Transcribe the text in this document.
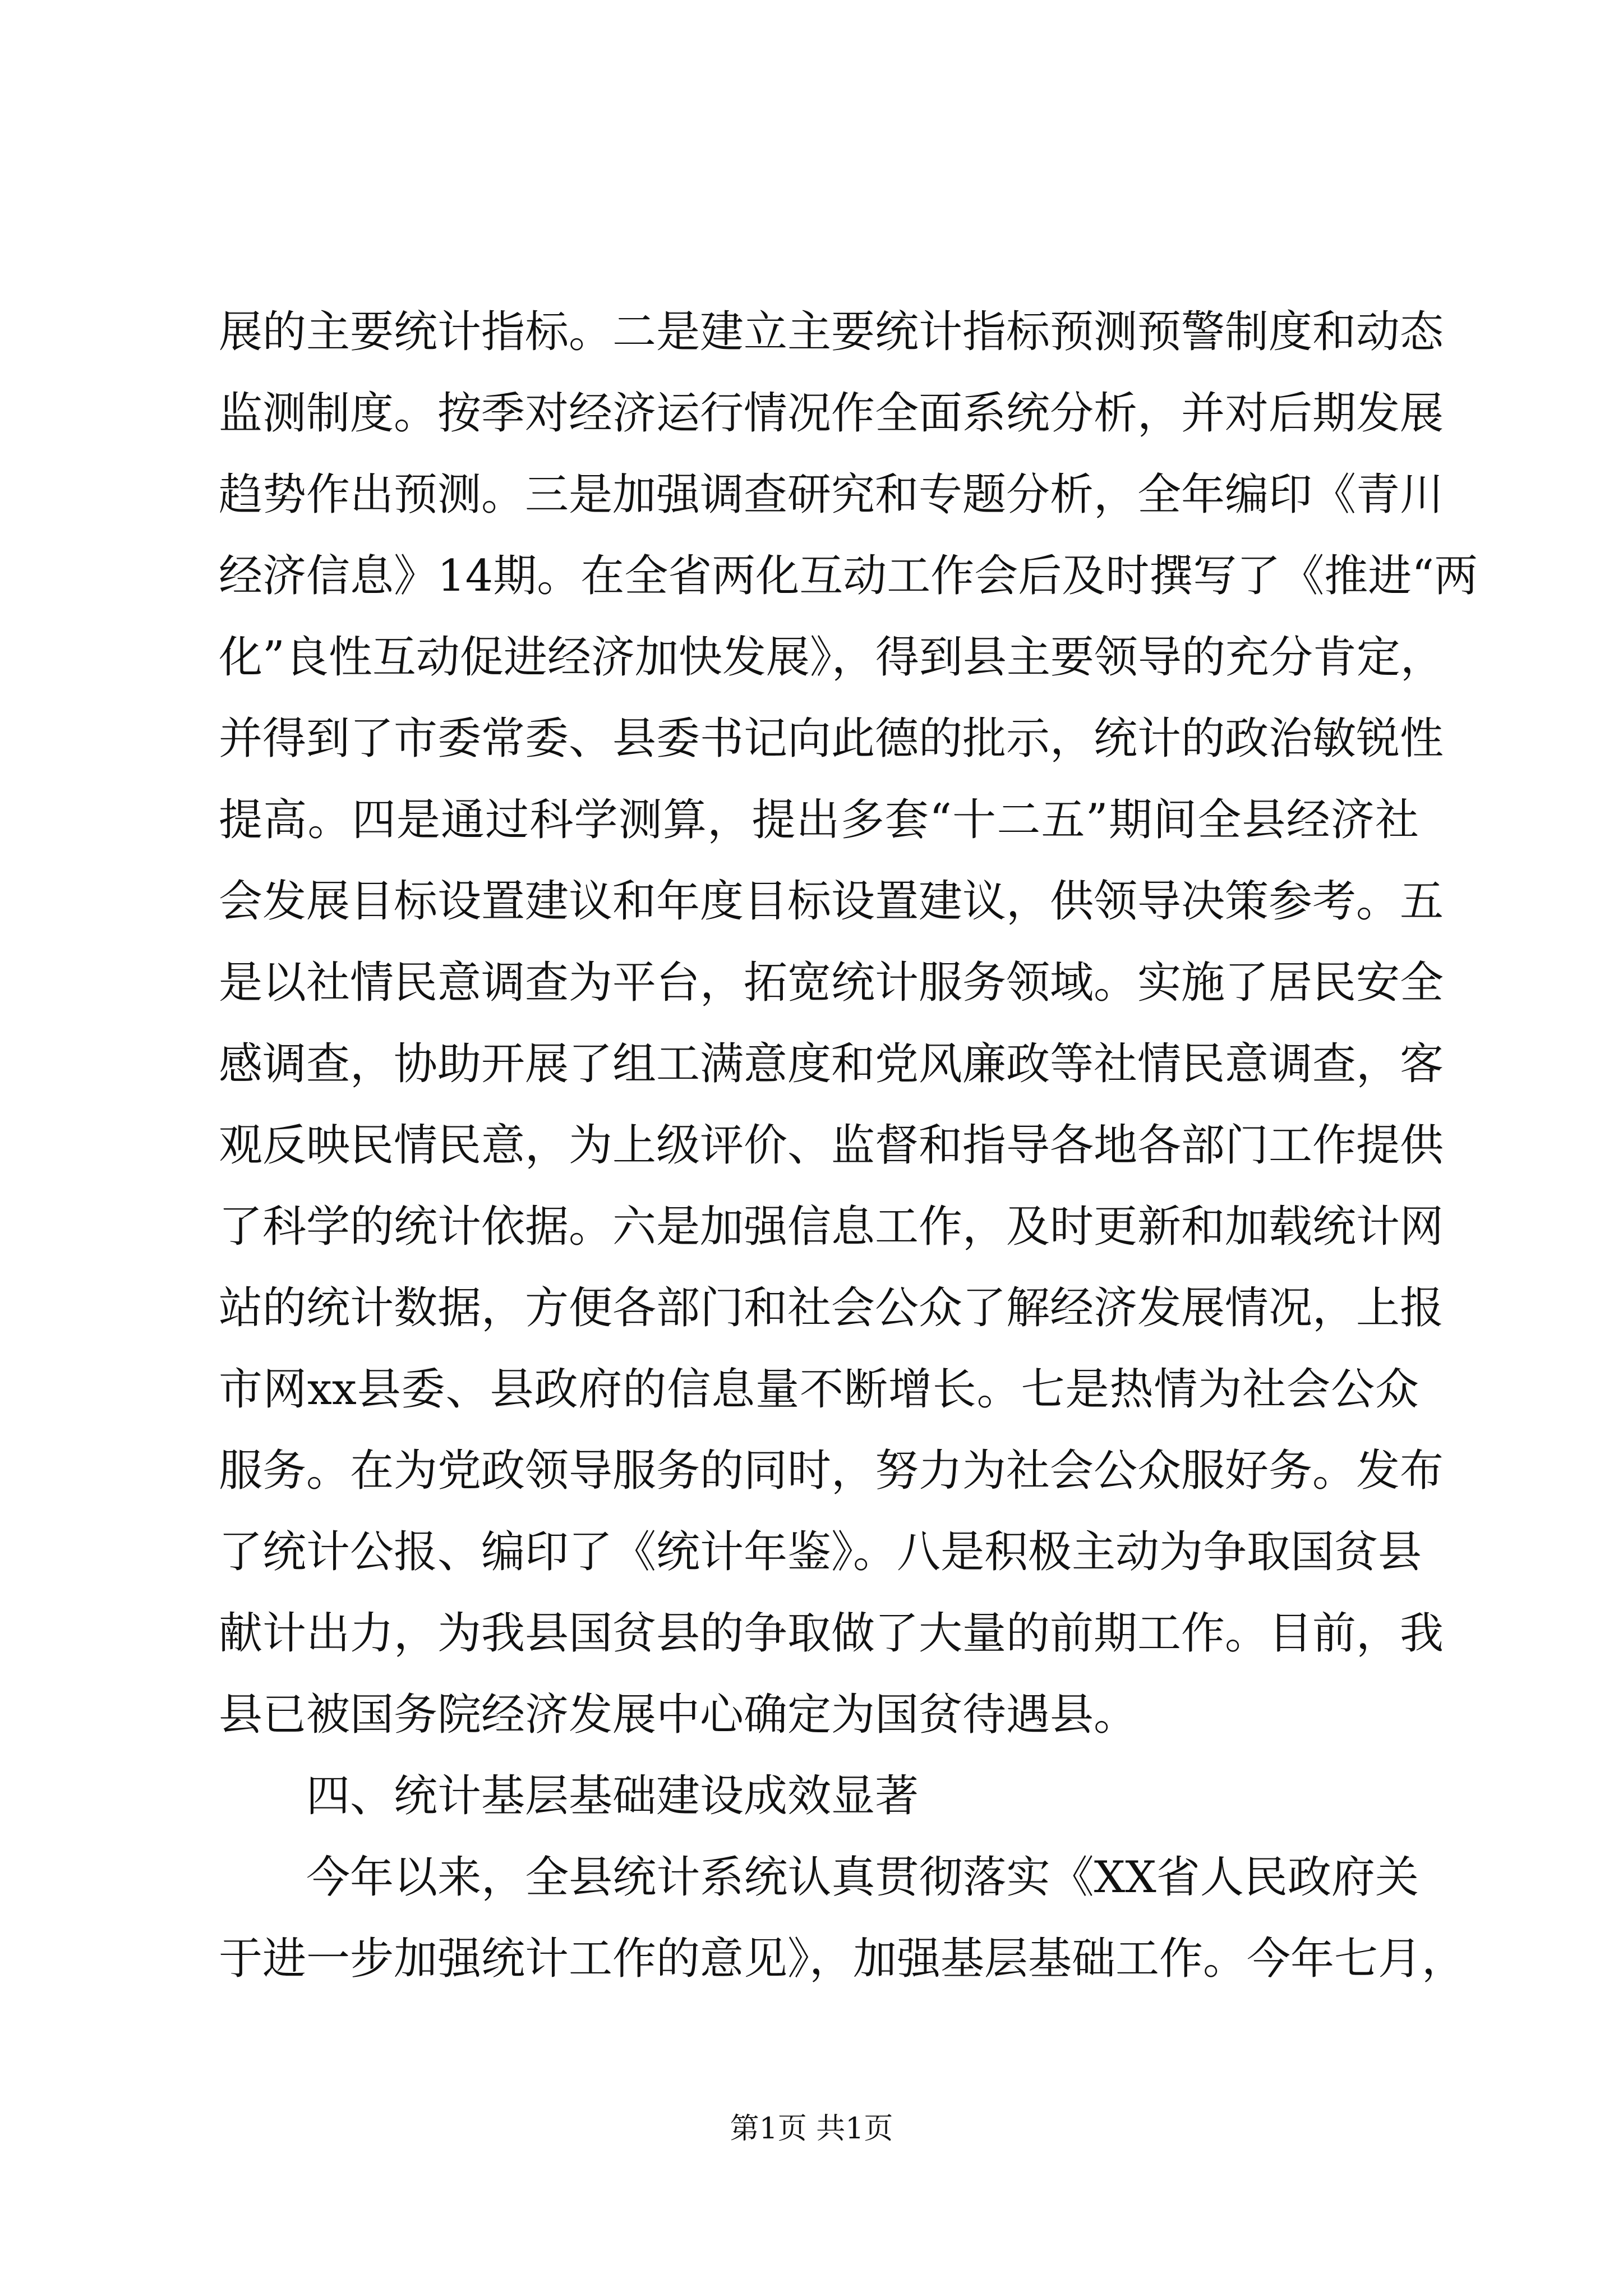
展的主要统计指标。二是建立主要统计指标预测预警制度和动态
监测制度。按季对经济运行情况作全面系统分析，并对后期发展
趋势作出预测。三是加强调查研究和专题分析，全年编印《青川
经济信息》14期。在全省两化互动工作会后及时撰写了《推进“两
化”良性互动促进经济加快发展》，得到县主要领导的充分肯定，
并得到了市委常委、县委书记向此德的批示，统计的政治敏锐性
提高。四是通过科学测算，提出多套“十二五”期间全县经济社
会发展目标设置建议和年度目标设置建议，供领导决策参考。五
是以社情民意调查为平台，拓宽统计服务领域。实施了居民安全
感调查，协助开展了组工满意度和党风廉政等社情民意调查，客
观反映民情民意，为上级评价、监督和指导各地各部门工作提供
了科学的统计依据。六是加强信息工作，及时更新和加载统计网
站的统计数据，方便各部门和社会公众了解经济发展情况，上报
市网xx县委、县政府的信息量不断增长。七是热情为社会公众
服务。在为党政领导服务的同时，努力为社会公众服好务。发布
了统计公报、编印了《统计年鉴》。八是积极主动为争取国贫县
献计出力，为我县国贫县的争取做了大量的前期工作。目前，我
县已被国务院经济发展中心确定为国贫待遇县。
四、统计基层基础建设成效显著
今年以来，全县统计系统认真贯彻落实《XX省人民政府关
于进一步加强统计工作的意见》，加强基层基础工作。今年七月，
第1页 共1页
